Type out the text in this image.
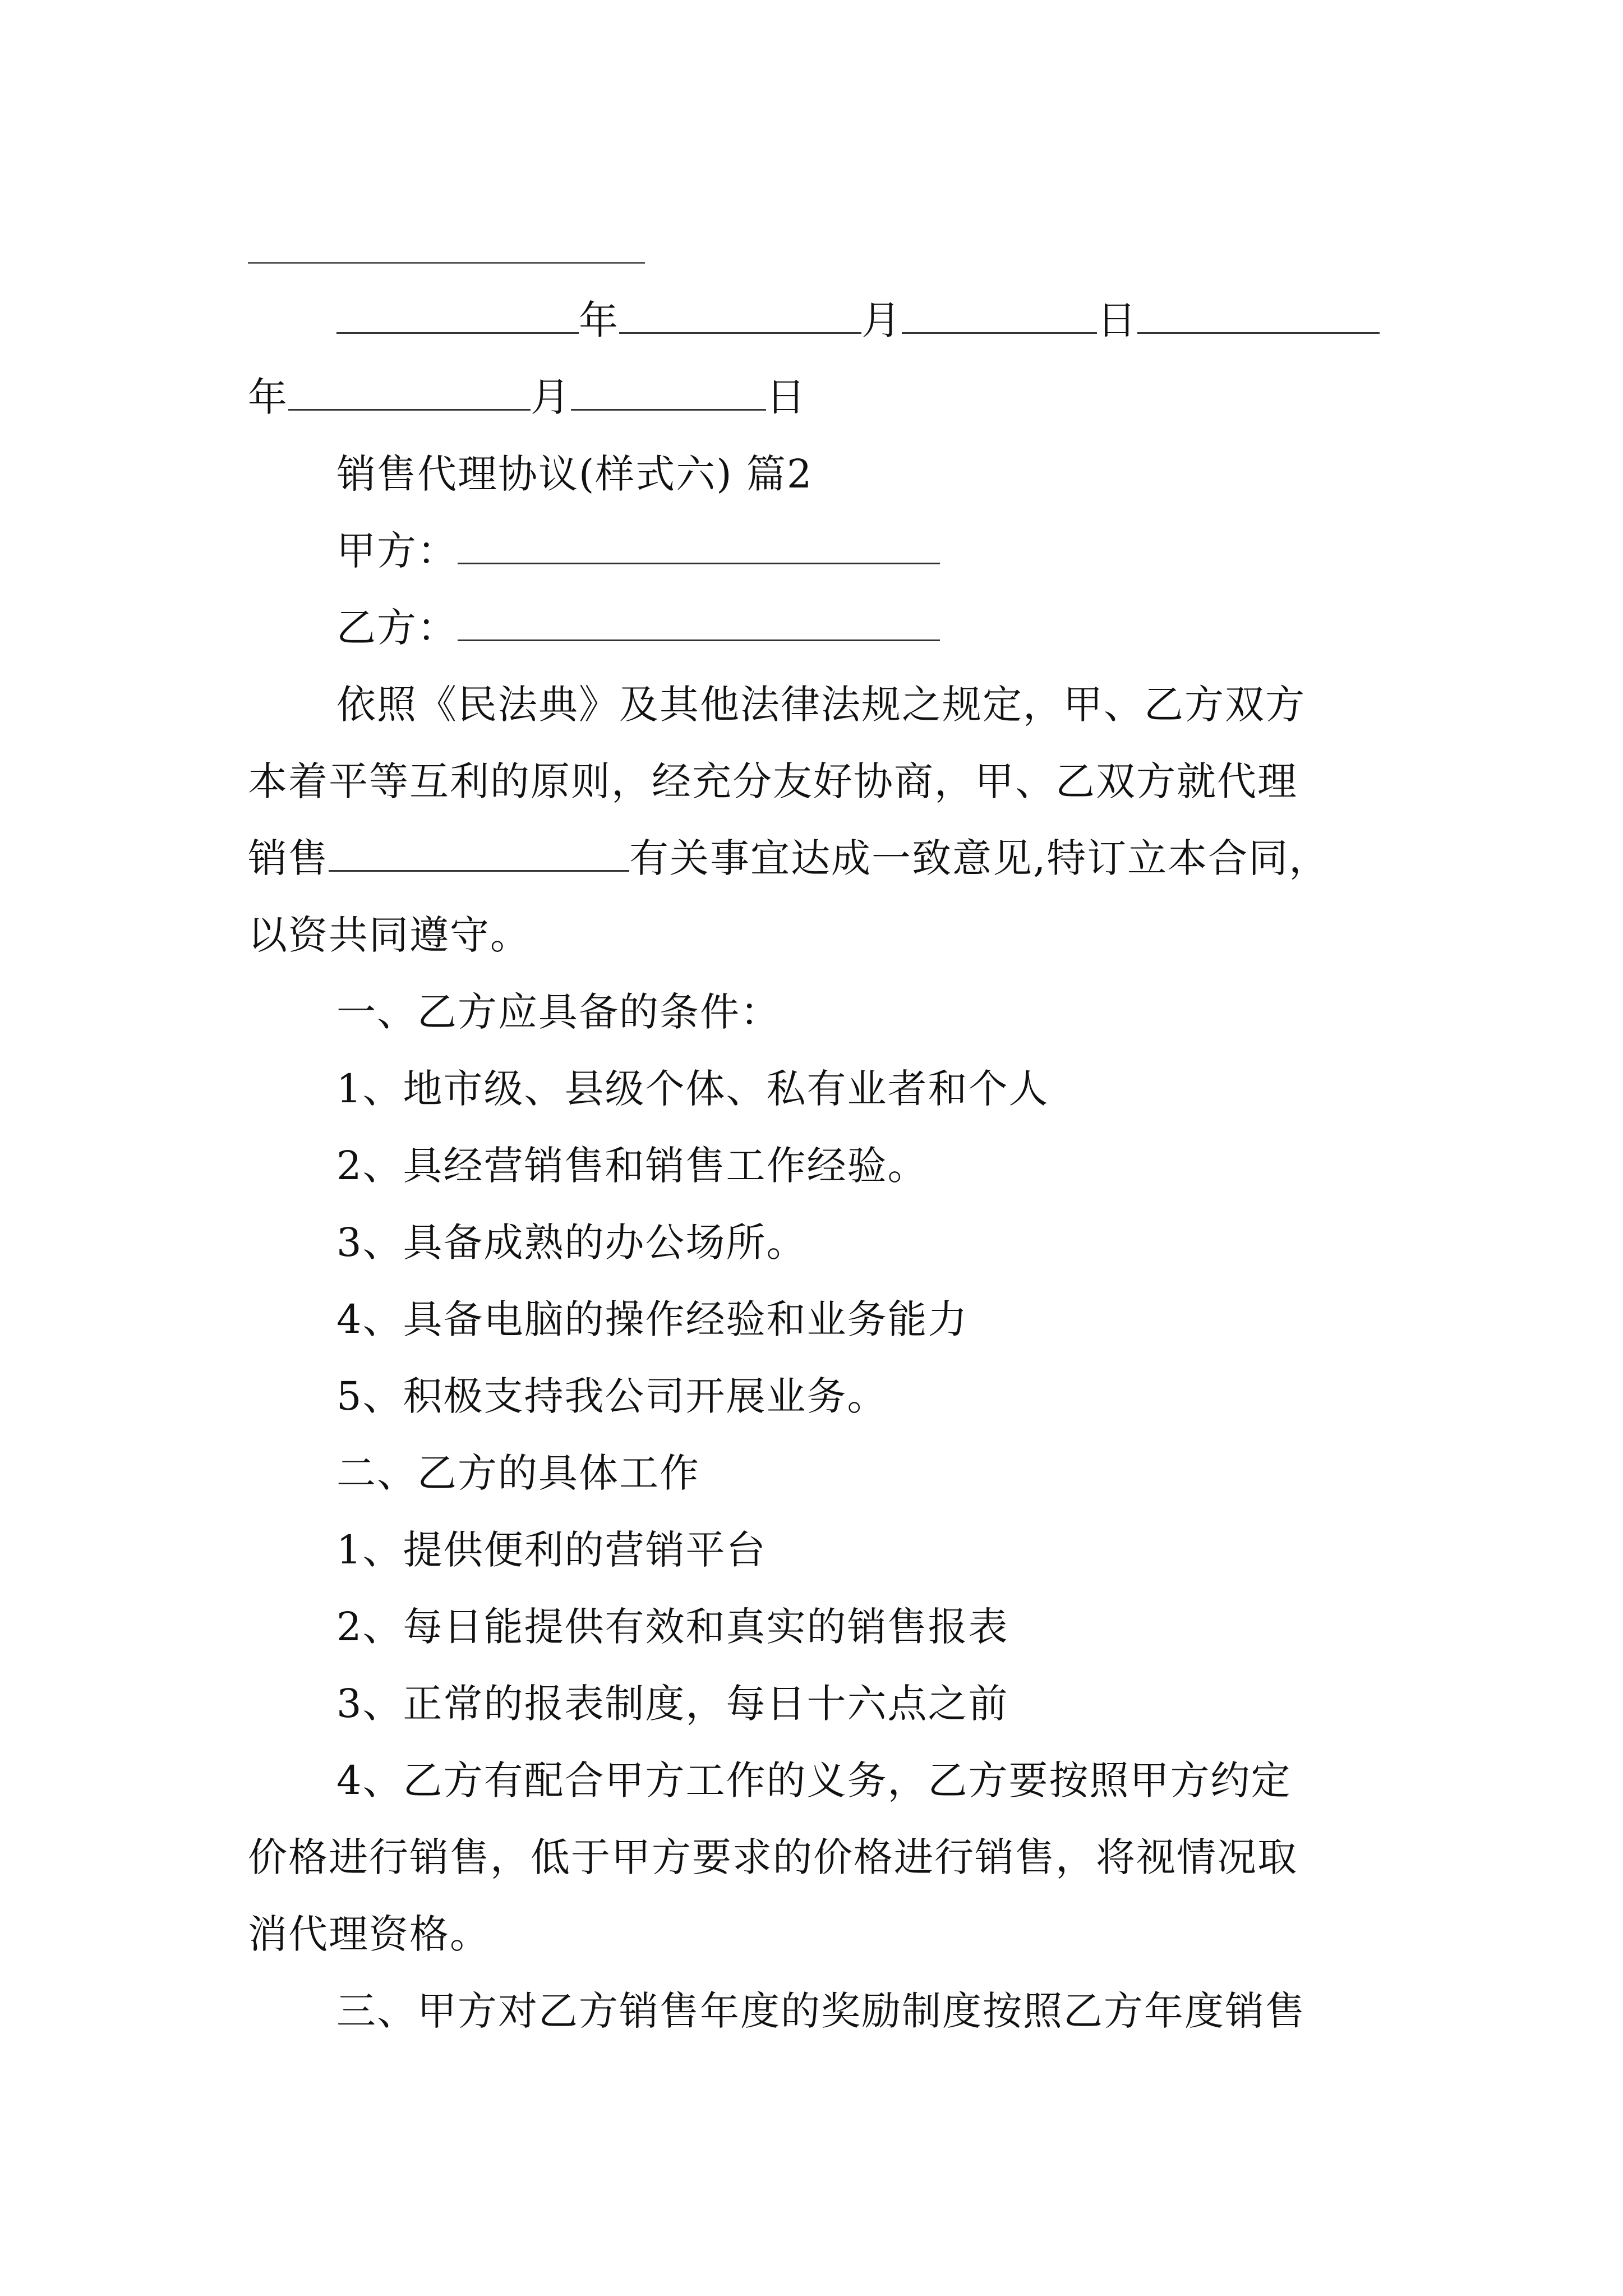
年	月	日

年	月	日

销售代理协议(样式六) 篇2

甲方：

乙方：

依照《民法典》及其他法律法规之规定，甲、乙方双方

本着平等互利的原则，经充分友好协商，甲、乙双方就代理

销售	有关事宜达成一致意见,特订立本合同，

以资共同遵守。

一、乙方应具备的条件：

1、地市级、县级个体、私有业者和个人

2、具经营销售和销售工作经验。

3、具备成熟的办公场所。

4、具备电脑的操作经验和业务能力

5、积极支持我公司开展业务。

二、乙方的具体工作

1、提供便利的营销平台

2、每日能提供有效和真实的销售报表

3、正常的报表制度，每日十六点之前

4、乙方有配合甲方工作的义务，乙方要按照甲方约定

价格进行销售，低于甲方要求的价格进行销售，将视情况取

消代理资格。

三、甲方对乙方销售年度的奖励制度按照乙方年度销售
